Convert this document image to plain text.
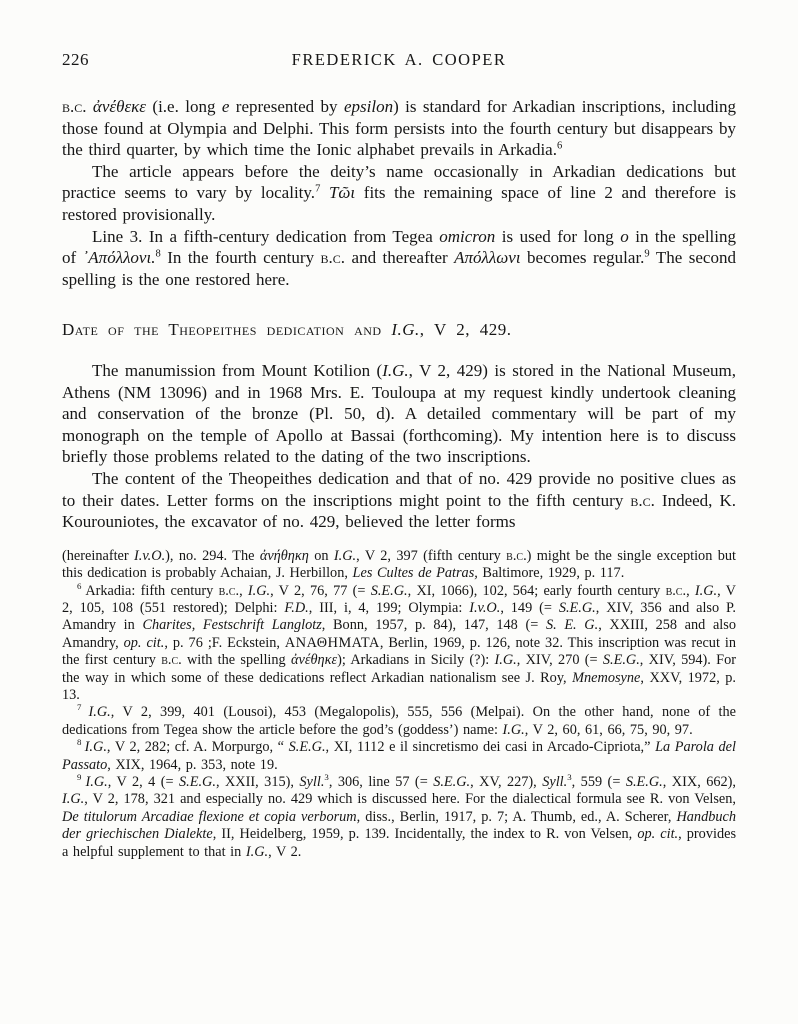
226	FREDERICK A. COOPER

b.c. ἀνέθεκε (i.e. long e represented by epsilon) is standard for Arkadian inscriptions, including those found at Olympia and Delphi. This form persists into the fourth century but disappears by the third quarter, by which time the Ionic alphabet prevails in Arkadia.$^6$

The article appears before the deity’s name occasionally in Arkadian dedications but practice seems to vary by locality.$^7$ Τῶι fits the remaining space of line 2 and therefore is restored provisionally.

Line 3. In a fifth-century dedication from Tegea omicron is used for long o in the spelling of ᾿Απόλλονι.$^8$ In the fourth century b.c. and thereafter Απόλλωνι becomes regular.$^9$ The second spelling is the one restored here.

Date of the Theopeithes dedication and I.G., V 2, 429.

The manumission from Mount Kotilion (I.G., V 2, 429) is stored in the National Museum, Athens (NM 13096) and in 1968 Mrs. E. Touloupa at my request kindly undertook cleaning and conservation of the bronze (Pl. 50, d). A detailed commentary will be part of my monograph on the temple of Apollo at Bassai (forthcoming). My intention here is to discuss briefly those problems related to the dating of the two inscriptions.

The content of the Theopeithes dedication and that of no. 429 provide no positive clues as to their dates. Letter forms on the inscriptions might point to the fifth century b.c. Indeed, K. Kourouniotes, the excavator of no. 429, believed the letter forms

(hereinafter I.v.O.), no. 294. The ἀνήθηκη on I.G., V 2, 397 (fifth century b.c.) might be the single exception but this dedication is probably Achaian, J. Herbillon, Les Cultes de Patras, Baltimore, 1929, p. 117.

$^6$ Arkadia: fifth century b.c., I.G., V 2, 76, 77 (= S.E.G., XI, 1066), 102, 564; early fourth century b.c., I.G., V 2, 105, 108 (551 restored); Delphi: F.D., III, i, 4, 199; Olympia: I.v.O., 149 (= S.E.G., XIV, 356 and also P. Amandry in Charites, Festschrift Langlotz, Bonn, 1957, p. 84), 147, 148 (= S. E. G., XXIII, 258 and also Amandry, op. cit., p. 76 ;F. Eckstein, ΑΝΑΘΗΜΑΤΑ, Berlin, 1969, p. 126, note 32. This inscription was recut in the first century b.c. with the spelling ἀνέθηκε); Arkadians in Sicily (?): I.G., XIV, 270 (= S.E.G., XIV, 594). For the way in which some of these dedications reflect Arkadian nationalism see J. Roy, Mnemosyne, XXV, 1972, p. 13.

$^7$ I.G., V 2, 399, 401 (Lousoi), 453 (Megalopolis), 555, 556 (Melpai). On the other hand, none of the dedications from Tegea show the article before the god’s (goddess’) name: I.G., V 2, 60, 61, 66, 75, 90, 97.

$^8$ I.G., V 2, 282; cf. A. Morpurgo, “ S.E.G., XI, 1112 e il sincretismo dei casi in Arcado-Cipriota,” La Parola del Passato, XIX, 1964, p. 353, note 19.

$^9$ I.G., V 2, 4 (= S.E.G., XXII, 315), Syll.$^3$, 306, line 57 (= S.E.G., XV, 227), Syll.$^3$, 559 (= S.E.G., XIX, 662), I.G., V 2, 178, 321 and especially no. 429 which is discussed here. For the dialectical formula see R. von Velsen, De titulorum Arcadiae flexione et copia verborum, diss., Berlin, 1917, p. 7; A. Thumb, ed., A. Scherer, Handbuch der griechischen Dialekte, II, Heidelberg, 1959, p. 139. Incidentally, the index to R. von Velsen, op. cit., provides a helpful supplement to that in I.G., V 2.
